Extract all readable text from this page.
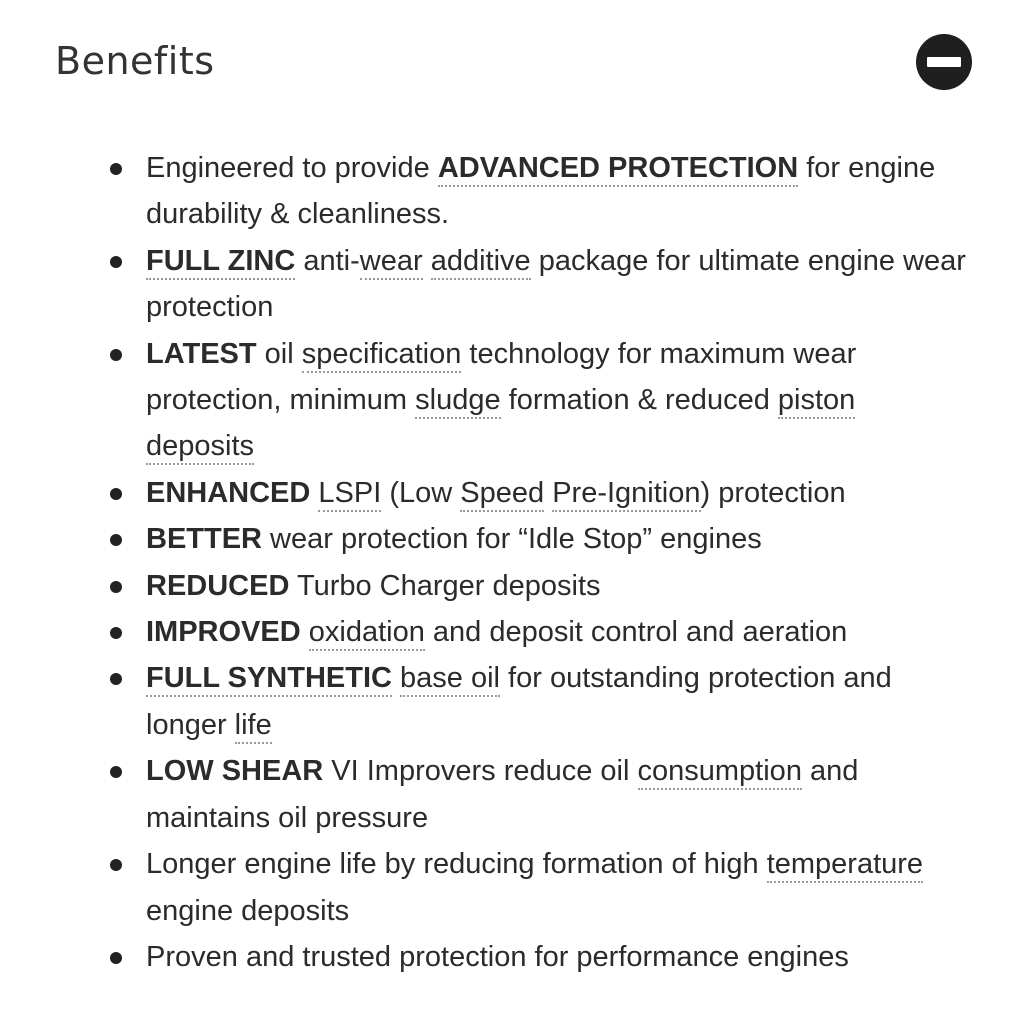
Benefits
Engineered to provide ADVANCED PROTECTION for engine durability & cleanliness.
FULL ZINC anti-wear additive package for ultimate engine wear protection
LATEST oil specification technology for maximum wear protection, minimum sludge formation & reduced piston deposits
ENHANCED LSPI (Low Speed Pre-Ignition) protection
BETTER wear protection for “Idle Stop” engines
REDUCED Turbo Charger deposits
IMPROVED oxidation and deposit control and aeration
FULL SYNTHETIC base oil for outstanding protection and longer life
LOW SHEAR VI Improvers reduce oil consumption and maintains oil pressure
Longer engine life by reducing formation of high temperature engine deposits
Proven and trusted protection for performance engines
